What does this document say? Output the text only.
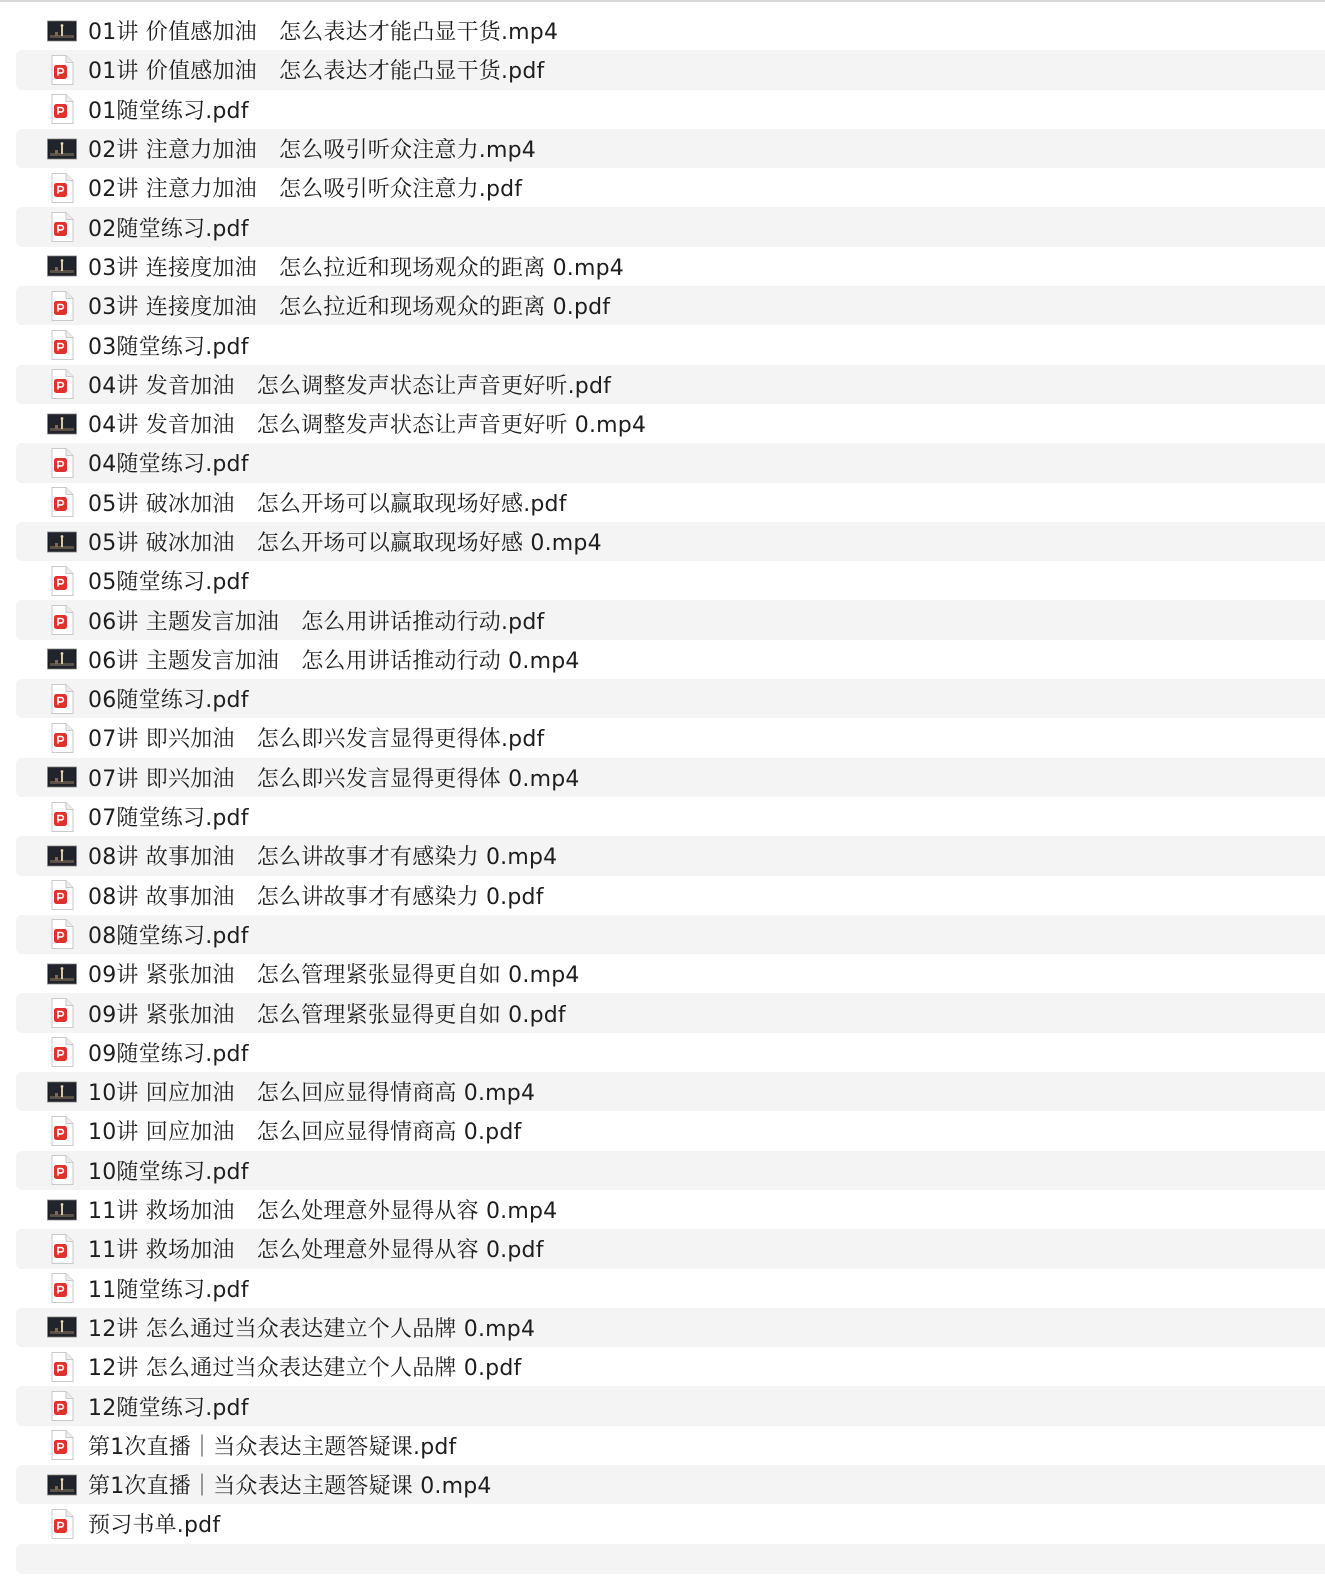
01讲 价值感加油　怎么表达才能凸显干货.mp4
01讲 价值感加油　怎么表达才能凸显干货.pdf
01随堂练习.pdf
02讲 注意力加油　怎么吸引听众注意力.mp4
02讲 注意力加油　怎么吸引听众注意力.pdf
02随堂练习.pdf
03讲 连接度加油　怎么拉近和现场观众的距离 0.mp4
03讲 连接度加油　怎么拉近和现场观众的距离 0.pdf
03随堂练习.pdf
04讲 发音加油　怎么调整发声状态让声音更好听.pdf
04讲 发音加油　怎么调整发声状态让声音更好听 0.mp4
04随堂练习.pdf
05讲 破冰加油　怎么开场可以赢取现场好感.pdf
05讲 破冰加油　怎么开场可以赢取现场好感 0.mp4
05随堂练习.pdf
06讲 主题发言加油　怎么用讲话推动行动.pdf
06讲 主题发言加油　怎么用讲话推动行动 0.mp4
06随堂练习.pdf
07讲 即兴加油　怎么即兴发言显得更得体.pdf
07讲 即兴加油　怎么即兴发言显得更得体 0.mp4
07随堂练习.pdf
08讲 故事加油　怎么讲故事才有感染力 0.mp4
08讲 故事加油　怎么讲故事才有感染力 0.pdf
08随堂练习.pdf
09讲 紧张加油　怎么管理紧张显得更自如 0.mp4
09讲 紧张加油　怎么管理紧张显得更自如 0.pdf
09随堂练习.pdf
10讲 回应加油　怎么回应显得情商高 0.mp4
10讲 回应加油　怎么回应显得情商高 0.pdf
10随堂练习.pdf
11讲 救场加油　怎么处理意外显得从容 0.mp4
11讲 救场加油　怎么处理意外显得从容 0.pdf
11随堂练习.pdf
12讲 怎么通过当众表达建立个人品牌 0.mp4
12讲 怎么通过当众表达建立个人品牌 0.pdf
12随堂练习.pdf
第1次直播｜当众表达主题答疑课.pdf
第1次直播｜当众表达主题答疑课 0.mp4
预习书单.pdf
